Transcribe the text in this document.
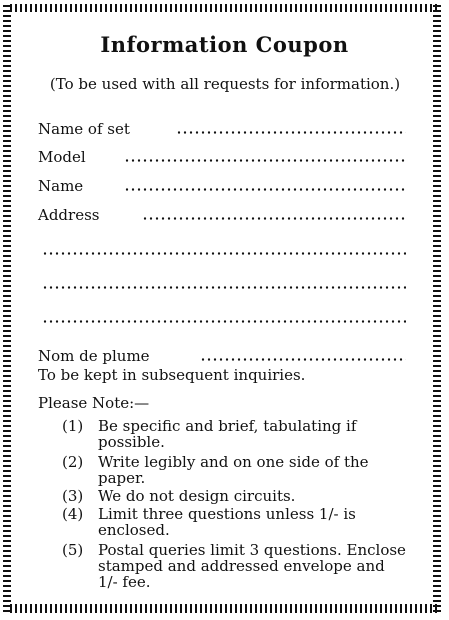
Information Coupon
(To be used with all requests for information.)
Name of set
Model
Name
Address
Nom de plume
To be kept in subsequent inquiries.
Please Note:—
(1) Be specific and brief, tabulating if possible.
(2) Write legibly and on one side of the paper.
(3) We do not design circuits.
(4) Limit three questions unless 1/- is enclosed.
(5) Postal queries limit 3 questions. Enclose stamped and addressed envelope and 1/- fee.
